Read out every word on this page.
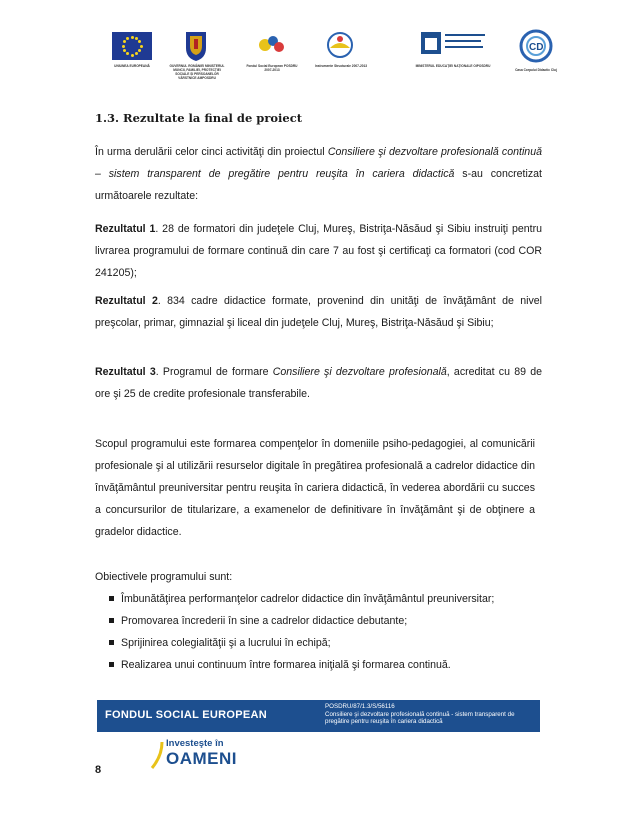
UNIUNEA EUROPEANĂ	GUVERNUL ROMÂNIEI MINISTERUL MUNCII, FAMILIEI, PROTECȚIEI SOCIALE ȘI PERSOANELOR VÂRSTNICE AMPOSDRU
Fondul Social European POSDRU 2007-2013
Instrumente Structurale 2007-2013	MINISTERUL EDUCAȚIEI NAȚIONALE OIPOSDRU
CD
Casa Corpului Didactic Cluj
1.3. Rezultate la final de proiect
În urma derulării celor cinci activităţi din proiectul Consiliere şi dezvoltare profesională continuă – sistem transparent de pregătire pentru reuşita în cariera didactică s-au concretizat următoarele rezultate:
Rezultatul 1. 28 de formatori din judeţele Cluj, Mureş, Bistriţa-Năsăud şi Sibiu instruiţi pentru livrarea programului de formare continuă din care 7 au fost şi certificaţi ca formatori (cod COR 241205);
Rezultatul 2. 834 cadre didactice formate, provenind din unităţi de învăţământ de nivel preşcolar, primar, gimnazial şi liceal din judeţele Cluj, Mureş, Bistriţa-Năsăud şi Sibiu;
Rezultatul 3. Programul de formare Consiliere şi dezvoltare profesională, acreditat cu 89 de ore şi 25 de credite profesionale transferabile.
Scopul programului este formarea compenţelor în domeniile psiho-pedagogiei, al comunicării profesionale şi al utilizării resurselor digitale în pregătirea profesională a cadrelor didactice din învăţământul preuniversitar pentru reuşita în cariera didactică, în vederea abordării cu succes a concursurilor de titularizare, a examenelor de definitivare în învăţământ şi de obţinere a gradelor didactice.
Obiectivele programului sunt:
Îmbunătăţirea performanţelor cadrelor didactice din învăţământul preuniversitar;
Promovarea încrederii în sine a cadrelor didactice debutante;
Sprijinirea colegialităţii şi a lucrului în echipă;
Realizarea unui continuum între formarea iniţială şi formarea continuă.
FONDUL SOCIAL EUROPEAN
POSDRU/87/1.3/S/56116
Consiliere şi dezvoltare profesională continuă - sistem transparent de pregătire pentru reuşita în cariera didactică
Investeşte în
OAMENI
8
